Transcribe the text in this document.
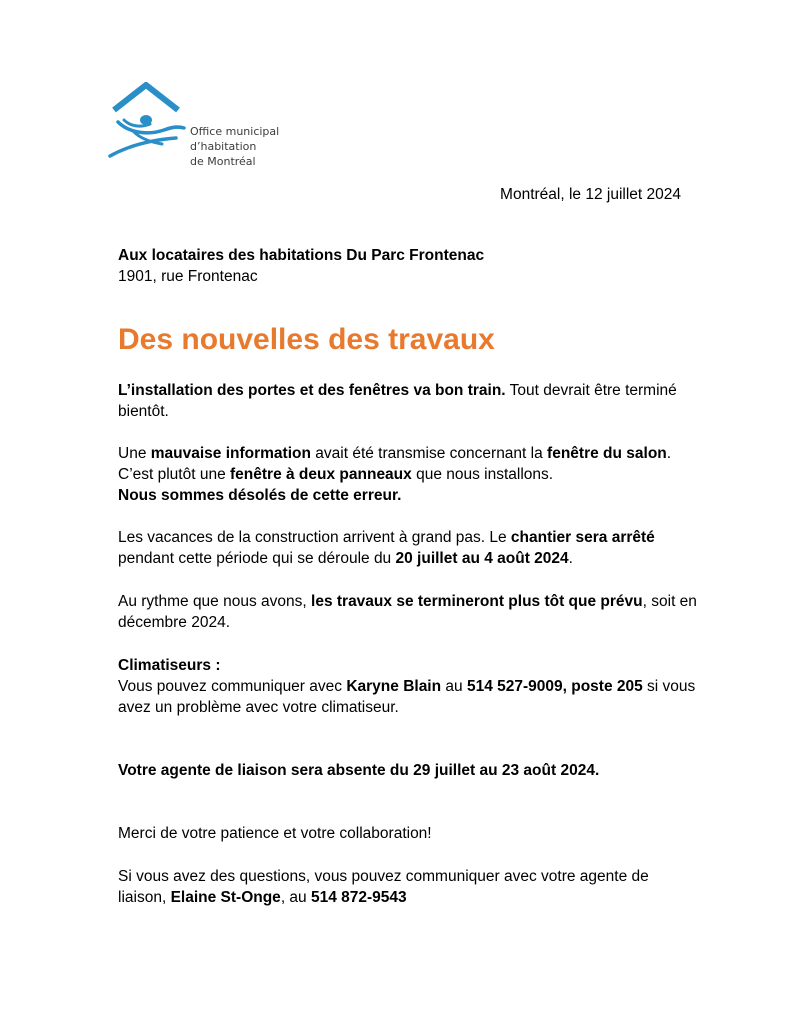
Office municipal
d’habitation
de Montréal
Montréal, le 12 juillet 2024
Aux locataires des habitations Du Parc Frontenac
1901, rue Frontenac
Des nouvelles des travaux

L’installation des portes et des fenêtres va bon train. Tout devrait être terminé bientôt.

Une mauvaise information avait été transmise concernant la fenêtre du salon. C’est plutôt une fenêtre à deux panneaux que nous installons.
Nous sommes désolés de cette erreur.

Les vacances de la construction arrivent à grand pas. Le chantier sera arrêté pendant cette période qui se déroule du 20 juillet au 4 août 2024.

Au rythme que nous avons, les travaux se termineront plus tôt que prévu, soit en décembre 2024.

Climatiseurs :
Vous pouvez communiquer avec Karyne Blain au 514 527-9009, poste 205 si vous avez un problème avec votre climatiseur.

Votre agente de liaison sera absente du 29 juillet au 23 août 2024.

Merci de votre patience et votre collaboration!

Si vous avez des questions, vous pouvez communiquer avec votre agente de liaison, Elaine St-Onge, au 514 872-9543
